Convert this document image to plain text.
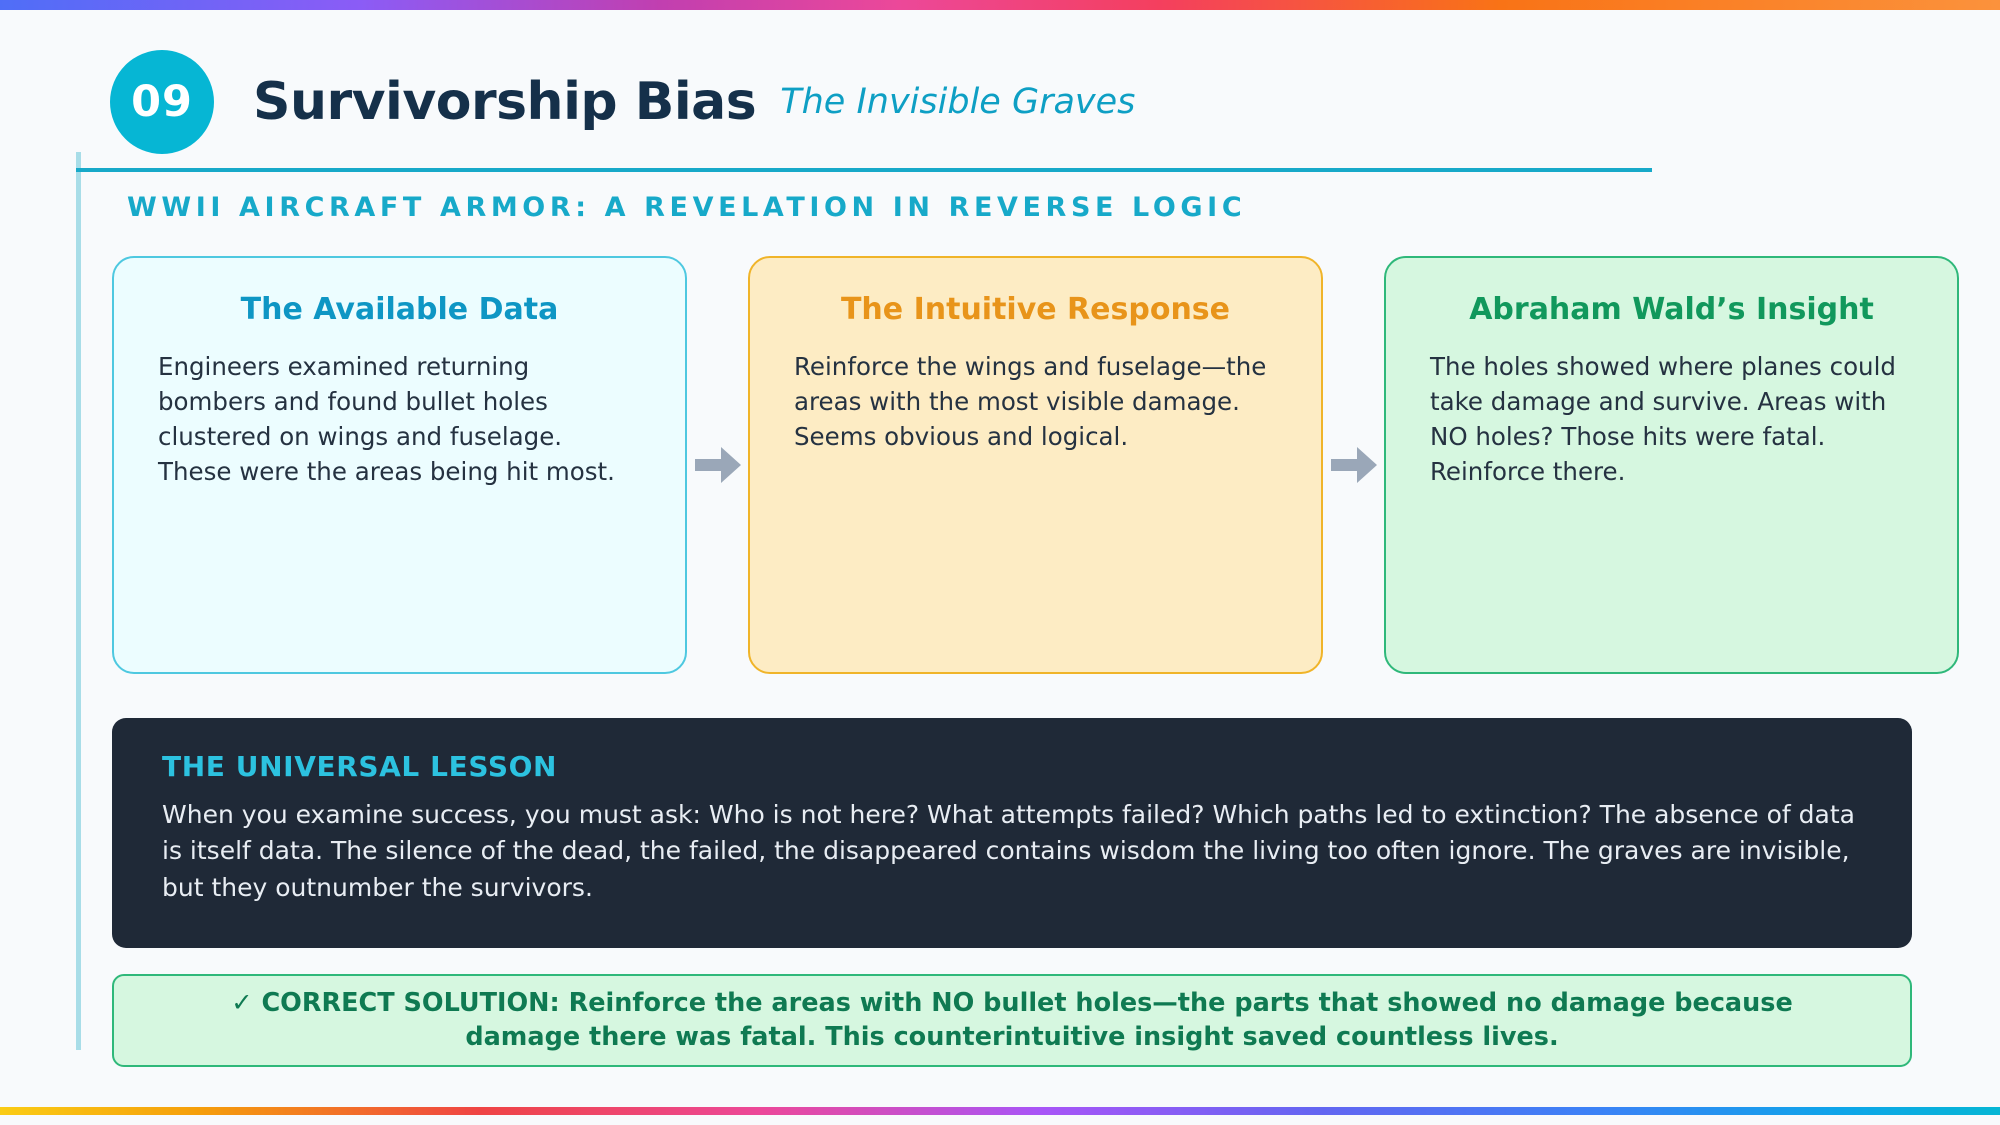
09	Survivorship Bias The Invisible Graves
WWII AIRCRAFT ARMOR: A REVELATION IN REVERSE LOGIC
The Available Data
Engineers examined returning bombers and found bullet holes clustered on wings and fuselage. These were the areas being hit most.
The Intuitive Response
Reinforce the wings and fuselage—the areas with the most visible damage. Seems obvious and logical.
Abraham Wald’s Insight
The holes showed where planes could take damage and survive. Areas with NO holes? Those hits were fatal. Reinforce there.
THE UNIVERSAL LESSON
When you examine success, you must ask: Who is not here? What attempts failed? Which paths led to extinction? The absence of data is itself data. The silence of the dead, the failed, the disappeared contains wisdom the living too often ignore. The graves are invisible, but they outnumber the survivors.
✓ CORRECT SOLUTION: Reinforce the areas with NO bullet holes—the parts that showed no damage because damage there was fatal. This counterintuitive insight saved countless lives.
